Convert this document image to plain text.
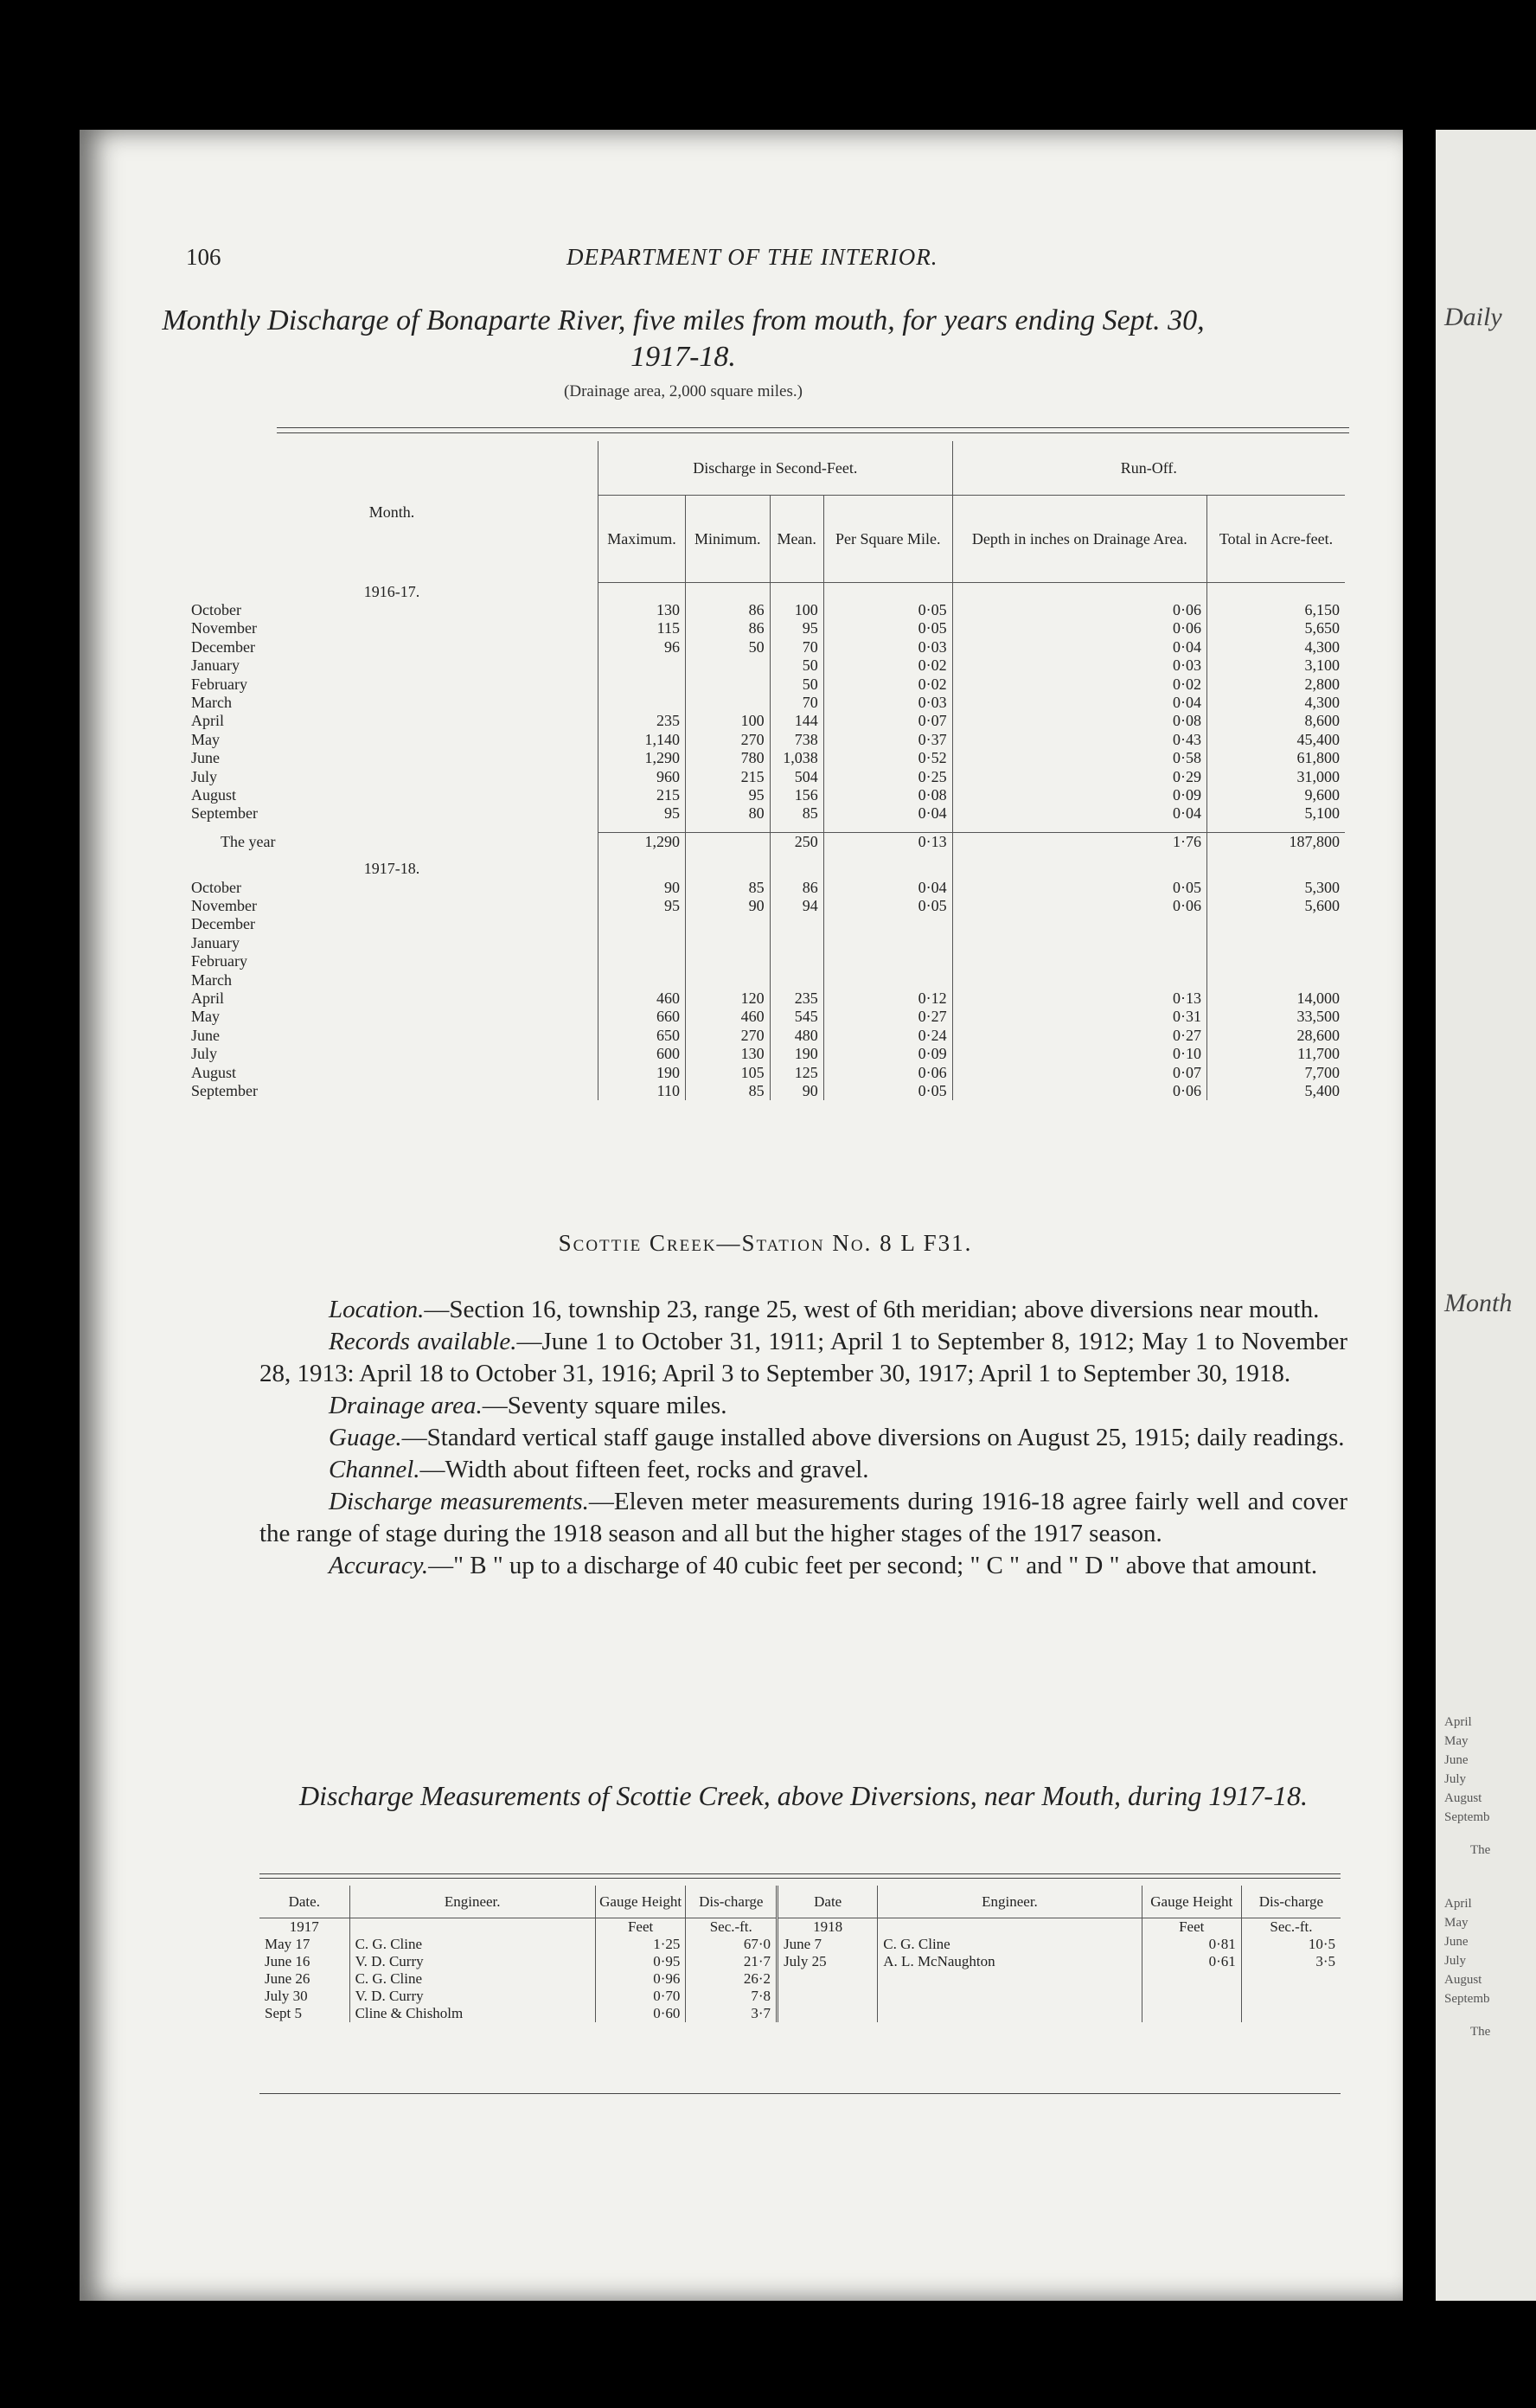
Daily
Month
April
May
June
July
August
Septemb
The
April
May
June
July
August
Septemb
The
106	DEPARTMENT OF THE INTERIOR.
Monthly Discharge of Bonaparte River, five miles from mouth, for years ending Sept. 30, 1917-18.
(Drainage area, 2,000 square miles.)
Month.	Discharge in Second-Feet.				Run-Off.	
	Maximum.	Minimum.	Mean.	Per Square Mile.	Depth in inches on Drainage Area.	Total in Acre-feet.
1916-17.						
October	130	86	100	0·05	0·06	6,150
November	115	86	95	0·05	0·06	5,650
December	96	50	70	0·03	0·04	4,300
January			50	0·02	0·03	3,100
February			50	0·02	0·02	2,800
March			70	0·03	0·04	4,300
April	235	100	144	0·07	0·08	8,600
May	1,140	270	738	0·37	0·43	45,400
June	1,290	780	1,038	0·52	0·58	61,800
July	960	215	504	0·25	0·29	31,000
August	215	95	156	0·08	0·09	9,600
September	95	80	85	0·04	0·04	5,100

The year	1,290		250	0·13	1·76	187,800

1917-18.						
October	90	85	86	0·04	0·05	5,300
November	95	90	94	0·05	0·06	5,600
December						
January						
February						
March						
April	460	120	235	0·12	0·13	14,000
May	660	460	545	0·27	0·31	33,500
June	650	270	480	0·24	0·27	28,600
July	600	130	190	0·09	0·10	11,700
August	190	105	125	0·06	0·07	7,700
September	110	85	90	0·05	0·06	5,400
Scottie Creek—Station No. 8 L F31.

Location.—Section 16, township 23, range 25, west of 6th meridian; above diversions near mouth.

Records available.—June 1 to October 31, 1911; April 1 to September 8, 1912; May 1 to November 28, 1913: April 18 to October 31, 1916; April 3 to September 30, 1917; April 1 to September 30, 1918.

Drainage area.—Seventy square miles.

Guage.—Standard vertical staff gauge installed above diversions on August 25, 1915; daily readings.

Channel.—Width about fifteen feet, rocks and gravel.

Discharge measurements.—Eleven meter measurements during 1916-18 agree fairly well and cover the range of stage during the 1918 season and all but the higher stages of the 1917 season.

Accuracy.—" B " up to a discharge of 40 cubic feet per second; " C " and " D " above that amount.

Discharge Measurements of Scottie Creek, above Diversions, near Mouth, during 1917-18.
Date.	Engineer.	Gauge Height	Dis-charge	Date	Engineer.	Gauge Height	Dis-charge
1917		Feet	Sec.-ft.	1918		Feet	Sec.-ft.
May 17	C. G. Cline	1·25	67·0	June 7	C. G. Cline	0·81	10·5
June 16	V. D. Curry	0·95	21·7	July 25	A. L. McNaughton	0·61	3·5
June 26	C. G. Cline	0·96	26·2				
July 30	V. D. Curry	0·70	7·8				
Sept 5	Cline & Chisholm	0·60	3·7				
